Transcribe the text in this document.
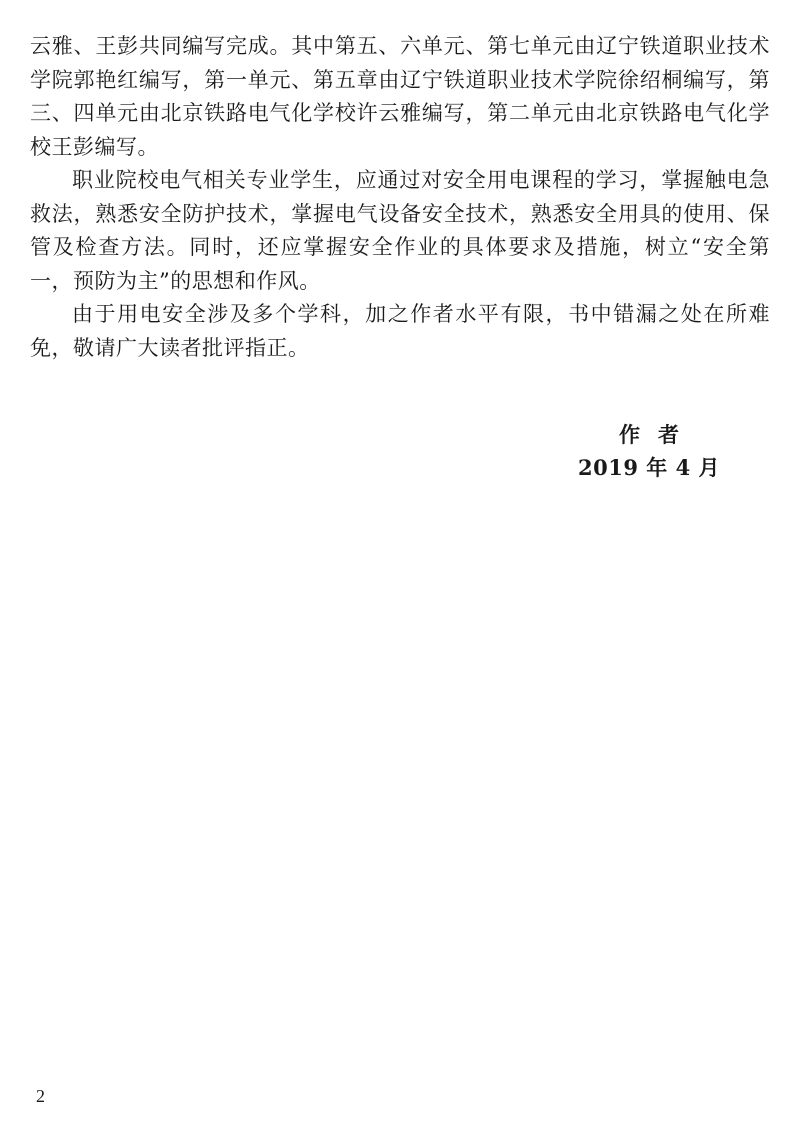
云雅、王彭共同编写完成。其中第五、六单元、第七单元由辽宁铁道职业技术学院郭艳红编写，第一单元、第五章由辽宁铁道职业技术学院徐绍桐编写，第三、四单元由北京铁路电气化学校许云雅编写，第二单元由北京铁路电气化学校王彭编写。

职业院校电气相关专业学生，应通过对安全用电课程的学习，掌握触电急救法，熟悉安全防护技术，掌握电气设备安全技术，熟悉安全用具的使用、保管及检查方法。同时，还应掌握安全作业的具体要求及措施，树立“安全第一，预防为主”的思想和作风。

由于用电安全涉及多个学科，加之作者水平有限，书中错漏之处在所难免，敬请广大读者批评指正。

作者
2019 年 4 月
2
